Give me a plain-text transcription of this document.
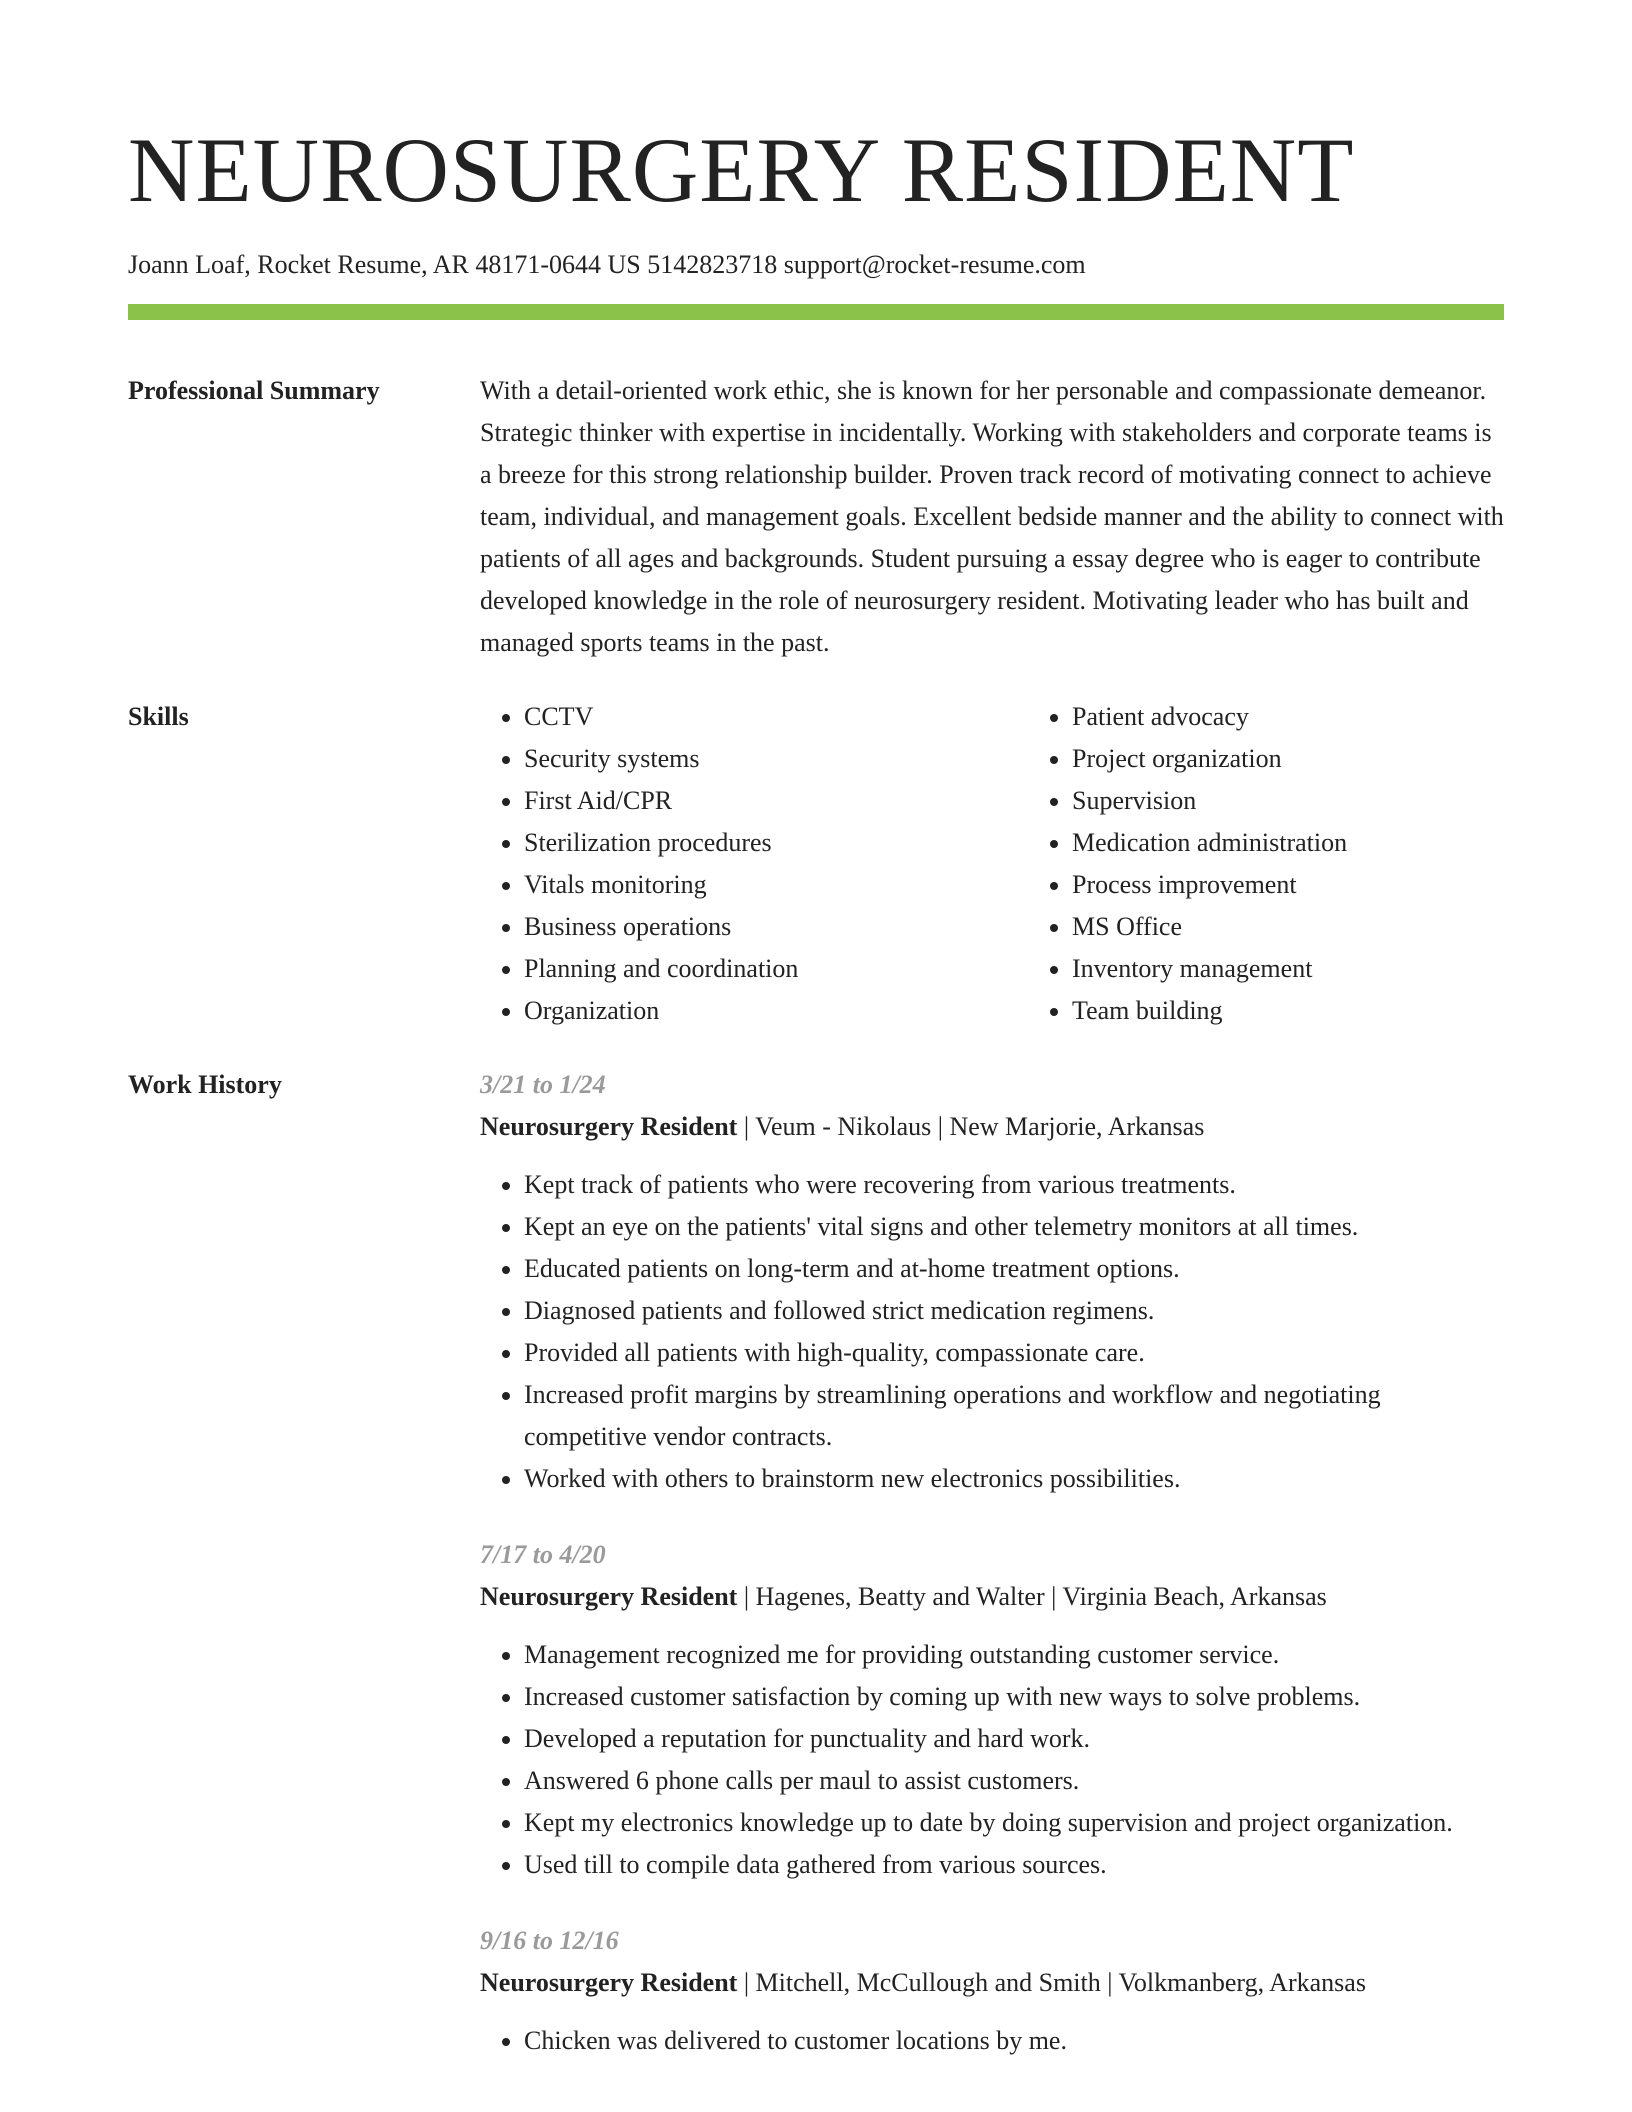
NEUROSURGERY RESIDENT
Joann Loaf, Rocket Resume, AR 48171-0644 US 5142823718 support@rocket-resume.com
Professional Summary	With a detail-oriented work ethic, she is known for her personable and compassionate demeanor. Strategic thinker with expertise in incidentally. Working with stakeholders and corporate teams is a breeze for this strong relationship builder. Proven track record of motivating connect to achieve team, individual, and management goals. Excellent bedside manner and the ability to connect with patients of all ages and backgrounds. Student pursuing a essay degree who is eager to contribute developed knowledge in the role of neurosurgery resident. Motivating leader who has built and managed sports teams in the past.
Skills
•	CCTV
• Security systems
• First Aid/CPR
• Sterilization procedures
• Vitals monitoring
• Business operations
• Planning and coordination
• Organization
• Patient advocacy
• Project organization
• Supervision
• Medication administration
• Process improvement
• MS Office
• Inventory management
• Team building
Work History	3/21 to 1/24
Neurosurgery Resident | Veum - Nikolaus | New Marjorie, Arkansas
• Kept track of patients who were recovering from various treatments.
• Kept an eye on the patients' vital signs and other telemetry monitors at all times.
• Educated patients on long-term and at-home treatment options.
• Diagnosed patients and followed strict medication regimens.
• Provided all patients with high-quality, compassionate care.
• Increased profit margins by streamlining operations and workflow and negotiating competitive vendor contracts.
• Worked with others to brainstorm new electronics possibilities.
7/17 to 4/20
Neurosurgery Resident | Hagenes, Beatty and Walter | Virginia Beach, Arkansas
• Management recognized me for providing outstanding customer service.
• Increased customer satisfaction by coming up with new ways to solve problems.
• Developed a reputation for punctuality and hard work.
• Answered 6 phone calls per maul to assist customers.
• Kept my electronics knowledge up to date by doing supervision and project organization.
• Used till to compile data gathered from various sources.
9/16 to 12/16
Neurosurgery Resident | Mitchell, McCullough and Smith | Volkmanberg, Arkansas
• Chicken was delivered to customer locations by me.
